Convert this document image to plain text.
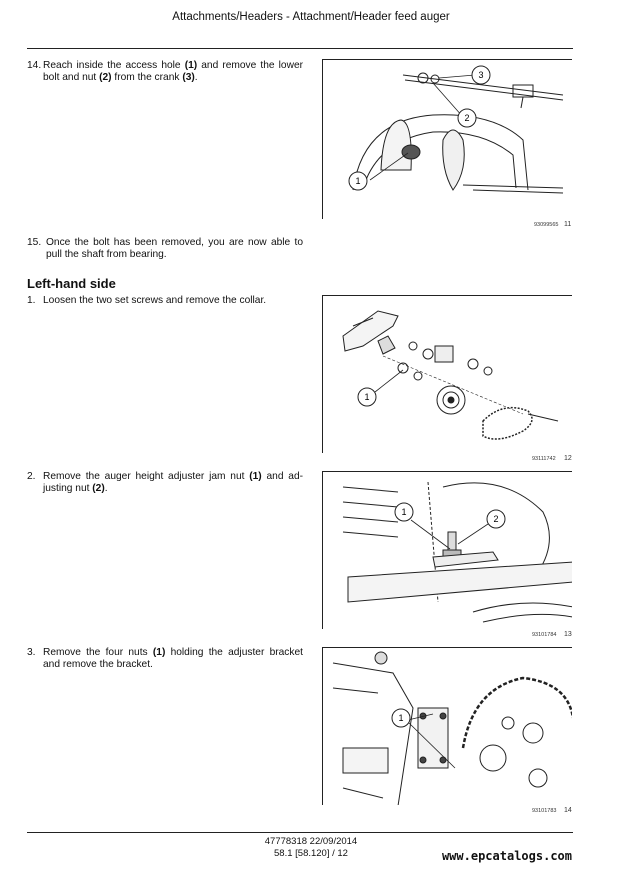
Attachments/Headers - Attachment/Header feed auger
14. Reach inside the access hole (1) and remove the lower bolt and nut (2) from the crank (3).
1
2
3
93099565 11
15. Once the bolt has been removed, you are now able to pull the shaft from bearing.
Left-hand side
1. Loosen the two set screws and remove the collar.
1
93111742 12
2. Remove the auger height adjuster jam nut (1) and ad-justing nut (2).
1
2
93101784 13
3. Remove the four nuts (1) holding the adjuster bracket and remove the bracket.
1
93101783 14
47778318 22/09/2014
58.1 [58.120] / 12	www.epcatalogs.com
